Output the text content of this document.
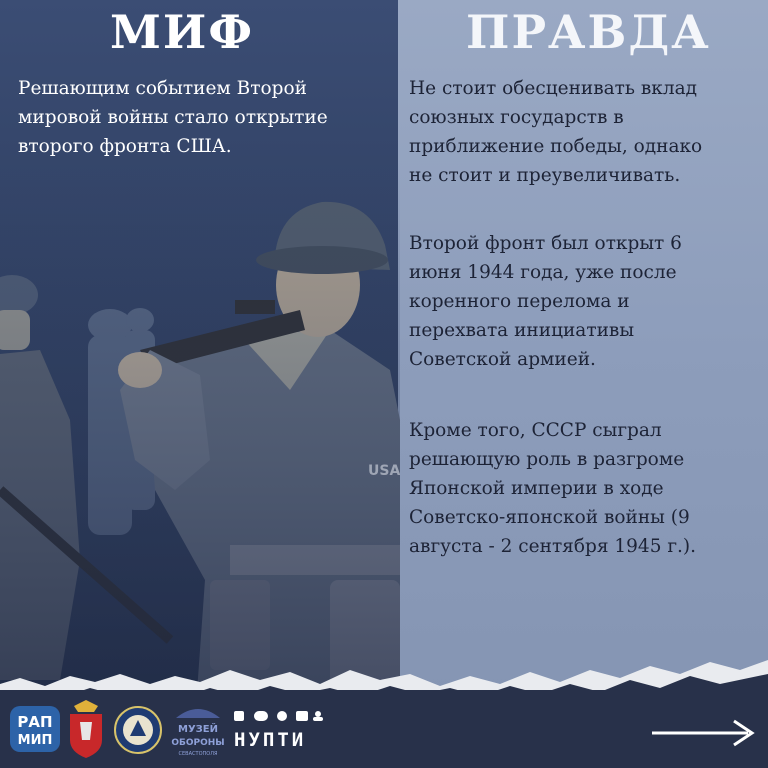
МИФ
Решающим событием Второй
мировой войны стало открытие
второго фронта США.
ПРАВДА
Не стоит обесценивать вклад
союзных государств в
приближение победы, однако
не стоит и преувеличивать.
Второй фронт был открыт 6
июня 1944 года, уже после
коренного перелома и
перехвата инициативы
Советской армией.
Кроме того, СССР сыграл
решающую роль в разгроме
Японской империи в ходе
Советско-японской войны (9
августа - 2 сентября 1945 г.).
РАП
МИП
МУЗЕЙ
ОБОРОНЫ
СЕВАСТОПОЛЯ
НУПТИ
